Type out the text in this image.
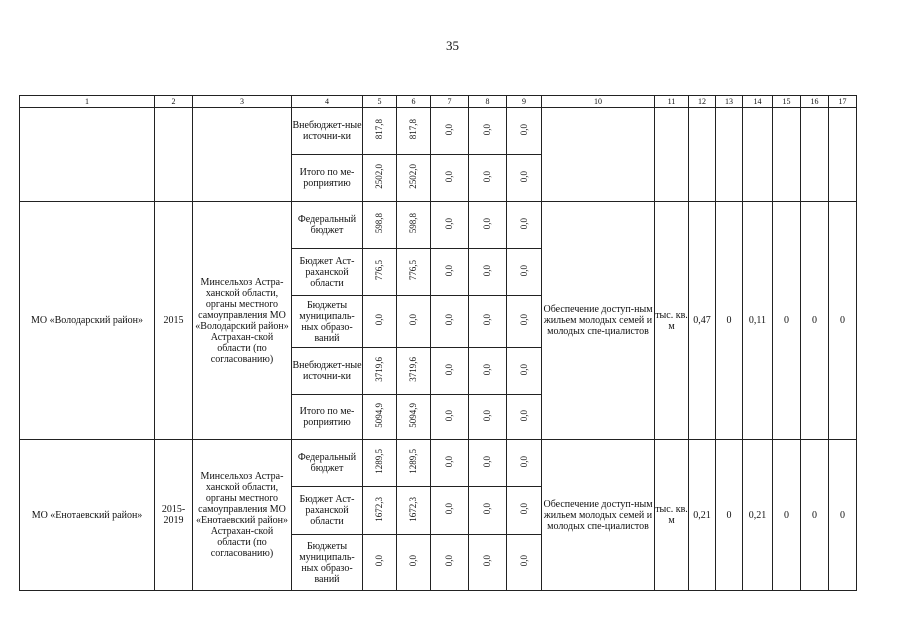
35
1	2	3	4	5	6	7	8	9	10	11	12	13	14	15	16	17
			Внебюджет-ные источни-ки	817,8	817,8	0,0	0,0	0,0								
			Итого по ме-роприятию	2502,0	2502,0	0,0	0,0	0,0								
МО «Володарский район»	2015	Минсельхоз Астра-ханской области, органы местного самоуправления МО «Володарский район» Астрахан-ской области (по согласованию)	Федеральный бюджет	598,8	598,8	0,0	0,0	0,0	Обеспечение доступ-ным жильем молодых семей и молодых спе-циалистов	тыс. кв. м	0,47	0	0,11	0	0	0
			Бюджет Аст-раханской области	776,5	776,5	0,0	0,0	0,0								
			Бюджеты муниципаль-ных образо-ваний	0,0	0,0	0,0	0,0	0,0								
			Внебюджет-ные источни-ки	3719,6	3719,6	0,0	0,0	0,0								
			Итого по ме-роприятию	5094,9	5094,9	0,0	0,0	0,0								
МО «Енотаевский район»	2015-2019	Минсельхоз Астра-ханской области, органы местного самоуправления МО «Енотаевский район» Астрахан-ской области (по согласованию)	Федеральный бюджет	1289,5	1289,5	0,0	0,0	0,0	Обеспечение доступ-ным жильем молодых семей и молодых спе-циалистов	тыс. кв. м	0,21	0	0,21	0	0	0
			Бюджет Аст-раханской области	1672,3	1672,3	0,0	0,0	0,0								
			Бюджеты муниципаль-ных образо-ваний	0,0	0,0	0,0	0,0	0,0								
